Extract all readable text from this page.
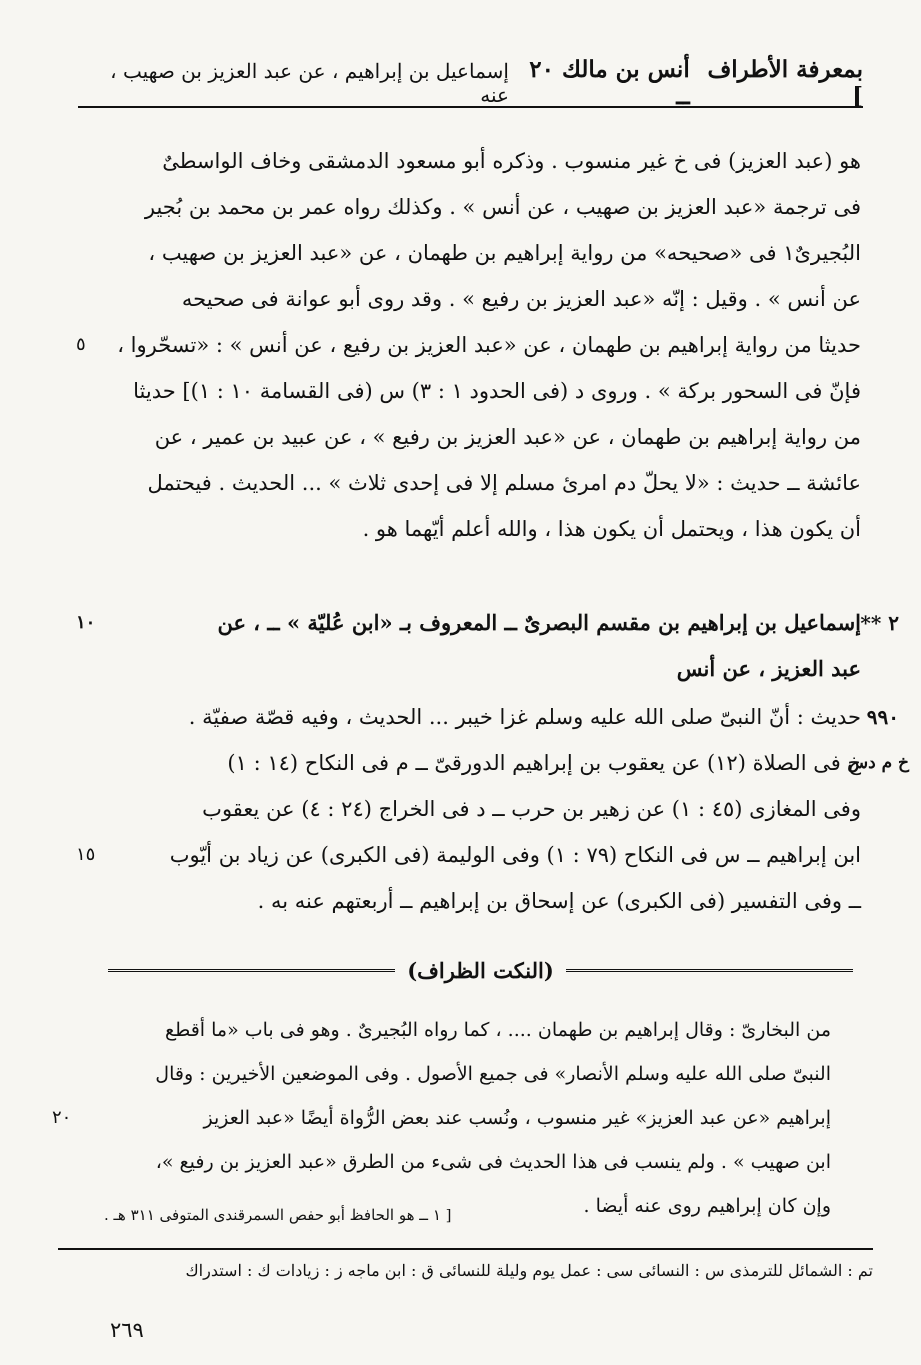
بمعرفة الأطراف ]
أنس بن مالك ٢٠ ــ
إسماعيل بن إبراهيم ، عن عبد العزيز بن صهيب ، عنه
هو (عبد العزيز) فى خ غير منسوب . وذكره أبو مسعود الدمشقى وخاف الواسطىٌ
فى ترجمة «عبد العزيز بن صهيب ، عن أنس » . وكذلك رواه عمر بن محمد بن بُجير
البُجيرىٌ١ فى «صحيحه» من رواية إبراهيم بن طهمان ، عن «عبد العزيز بن صهيب ،
عن أنس » . وقيل : إنّه «عبد العزيز بن رفيع » . وقد روى أبو عوانة فى صحيحه
حديثا من رواية إبراهيم بن طهمان ، عن «عبد العزيز بن رفيع ، عن أنس » : «تسحّروا ،
٥
فإنّ فى السحور بركة » . وروى د (فى الحدود ١ : ٣) س (فى القسامة ١٠ : ١)] حديثا
من رواية إبراهيم بن طهمان ، عن «عبد العزيز بن رفيع » ، عن عبيد بن عمير ، عن
عائشة ــ حديث : «لا يحلّ دم امرئ مسلم إلا فى إحدى ثلاث » ... الحديث . فيحتمل
أن يكون هذا ، ويحتمل أن يكون هذا ، والله أعلم أيّهما هو .
٢ **
إسماعيل بن إبراهيم بن مقسم البصرىٌ ــ المعروف بـ «ابن عُليّة » ــ ، عن
١٠
عبد العزيز ، عن أنس
٩٩٠
حديث : أنّ النبىّ صلى الله عليه وسلم غزا خيبر ... الحديث ، وفيه قصّة صفيّة .
خ م دس
خ فى الصلاة (١٢) عن يعقوب بن إبراهيم الدورقىّ ــ م فى النكاح (١٤ : ١)
وفى المغازى (٤٥ : ١) عن زهير بن حرب ــ د فى الخراج (٢٤ : ٤) عن يعقوب
ابن إبراهيم ــ س فى النكاح (٧٩ : ١) وفى الوليمة (فى الكبرى) عن زياد بن أيّوب
١٥
ــ وفى التفسير (فى الكبرى) عن إسحاق بن إبراهيم ــ أربعتهم عنه به .
(النكت الظراف)
من البخارىّ : وقال إبراهيم بن طهمان .... ، كما رواه البُجيرىٌ . وهو فى باب «ما أقطع
النبىّ صلى الله عليه وسلم الأنصار» فى جميع الأصول . وفى الموضعين الأخيرين : وقال
إبراهيم «عن عبد العزيز» غير منسوب ، ونُسب عند بعض الرُّواة أيضًا «عبد العزيز
٢٠
ابن صهيب » . ولم ينسب فى هذا الحديث فى شىء من الطرق «عبد العزيز بن رفيع »،
وإن كان إبراهيم روى عنه أيضا .
[ ١ ــ هو الحافظ أبو حفص السمرقندى المتوفى ٣١١ هـ .
تم : الشمائل للترمذى س : النسائى سى : عمل يوم وليلة للنسائى ق : ابن ماجه ز : زيادات ك : استدراك
٢٦٩
